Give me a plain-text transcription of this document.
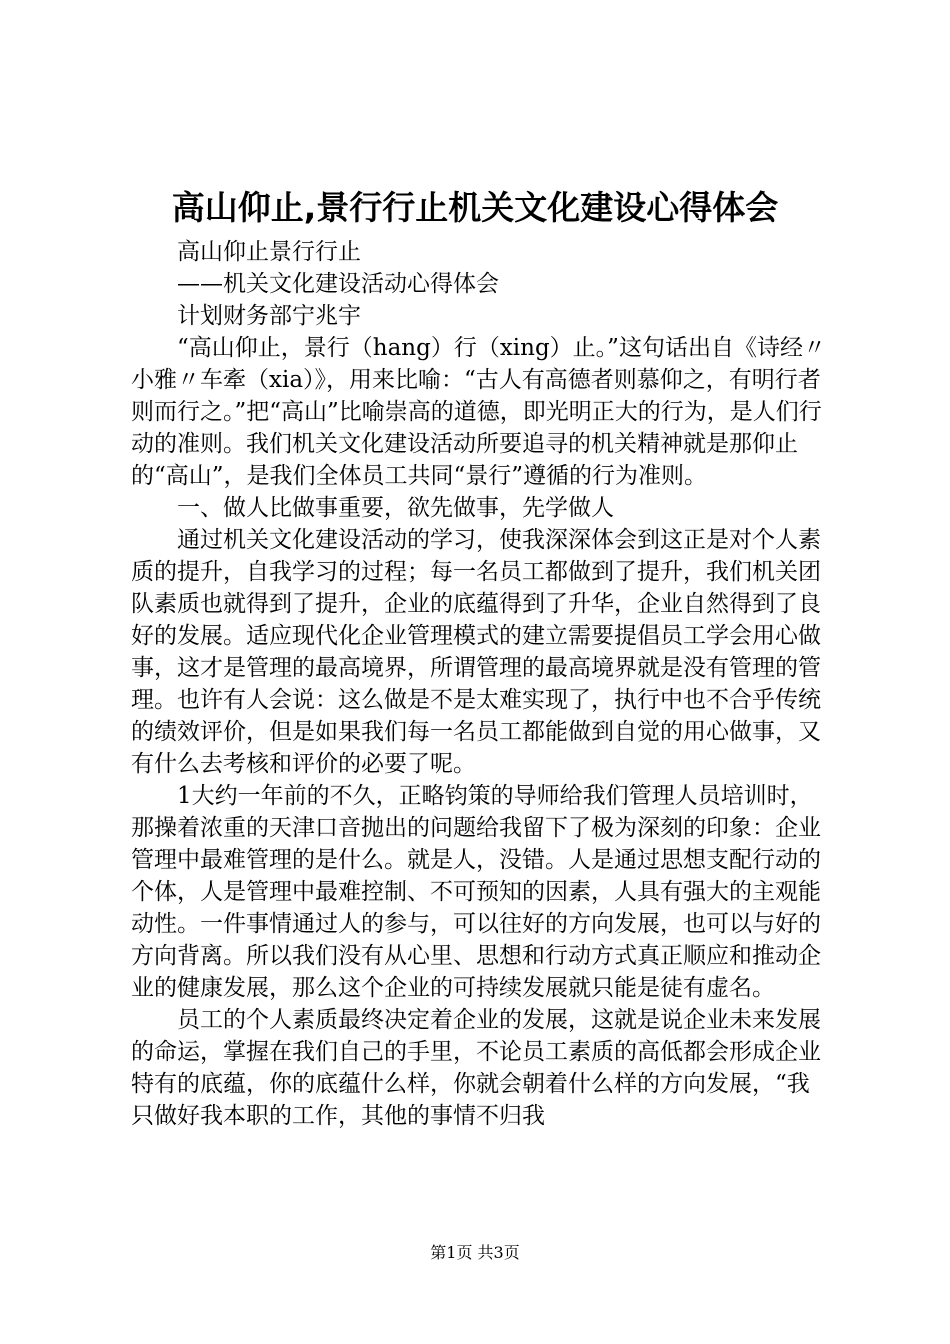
高山仰止,景行行止机关文化建设心得体会

高山仰止景行行止

——机关文化建设活动心得体会

计划财务部宁兆宇

“高山仰止，景行（hang）行（xing）止。”这句话出自《诗经〃小雅〃车牽（xia）》，用来比喻：“古人有高德者则慕仰之，有明行者则而行之。”把“高山”比喻崇高的道德，即光明正大的行为，是人们行动的准则。我们机关文化建设活动所要追寻的机关精神就是那仰止的“高山”，是我们全体员工共同“景行”遵循的行为准则。

一、做人比做事重要，欲先做事，先学做人

通过机关文化建设活动的学习，使我深深体会到这正是对个人素质的提升，自我学习的过程；每一名员工都做到了提升，我们机关团队素质也就得到了提升，企业的底蕴得到了升华，企业自然得到了良好的发展。适应现代化企业管理模式的建立需要提倡员工学会用心做事，这才是管理的最高境界，所谓管理的最高境界就是没有管理的管理。也许有人会说：这么做是不是太难实现了，执行中也不合乎传统的绩效评价，但是如果我们每一名员工都能做到自觉的用心做事，又有什么去考核和评价的必要了呢。

1大约一年前的不久，正略钧策的导师给我们管理人员培训时，那操着浓重的天津口音抛出的问题给我留下了极为深刻的印象：企业管理中最难管理的是什么。就是人，没错。人是通过思想支配行动的个体，人是管理中最难控制、不可预知的因素，人具有强大的主观能动性。一件事情通过人的参与，可以往好的方向发展，也可以与好的方向背离。所以我们没有从心里、思想和行动方式真正顺应和推动企业的健康发展，那么这个企业的可持续发展就只能是徒有虚名。

员工的个人素质最终决定着企业的发展，这就是说企业未来发展的命运，掌握在我们自己的手里，不论员工素质的高低都会形成企业特有的底蕴，你的底蕴什么样，你就会朝着什么样的方向发展，“我只做好我本职的工作，其他的事情不归我

第1页 共3页
